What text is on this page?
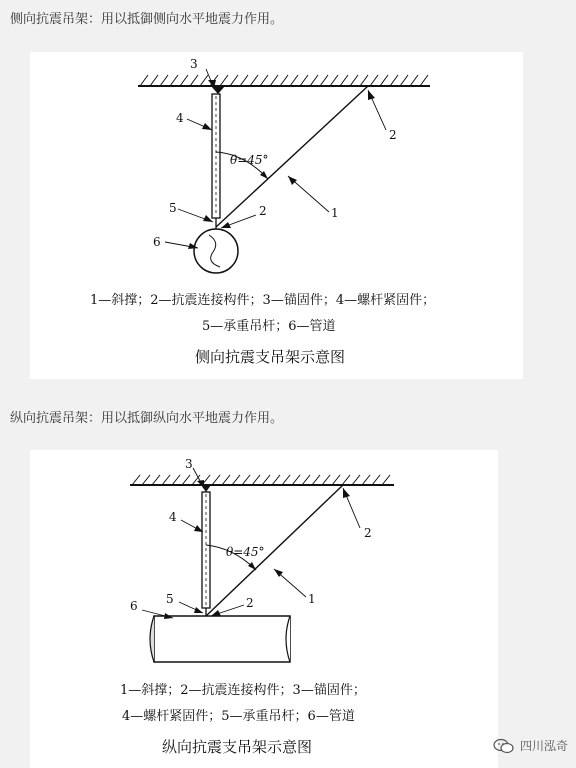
侧向抗震吊架：用以抵御侧向水平地震力作用。
θ=45°
3
4
5	2
6
1
2
1—斜撑；2—抗震连接构件；3—锚固件；4—螺杆紧固件；
5—承重吊杆；6—管道
侧向抗震支吊架示意图
纵向抗震吊架：用以抵御纵向水平地震力作用。
θ=45°
3
4
5	2
6	1
2
1—斜撑；2—抗震连接构件；3—锚固件；
4—螺杆紧固件；5—承重吊杆；6—管道
纵向抗震支吊架示意图	四川泓奇
